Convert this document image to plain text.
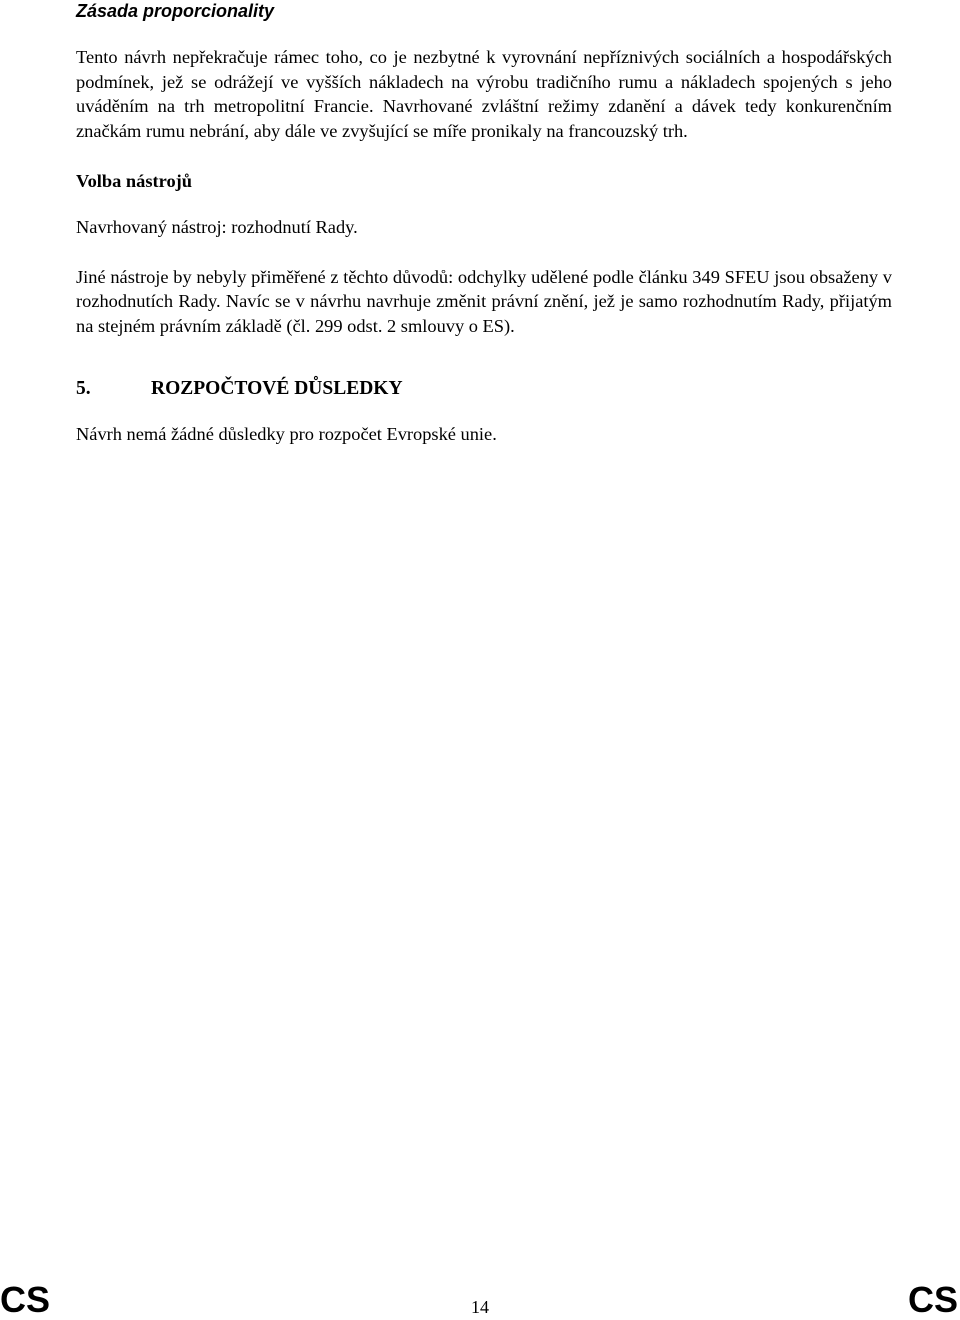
Zásada proporcionality

Tento návrh nepřekračuje rámec toho, co je nezbytné k vyrovnání nepříznivých sociálních a hospodářských podmínek, jež se odrážejí ve vyšších nákladech na výrobu tradičního rumu a nákladech spojených s jeho uváděním na trh metropolitní Francie. Navrhované zvláštní režimy zdanění a dávek tedy konkurenčním značkám rumu nebrání, aby dále ve zvyšující se míře pronikaly na francouzský trh.

Volba nástrojů

Navrhovaný nástroj: rozhodnutí Rady.

Jiné nástroje by nebyly přiměřené z těchto důvodů: odchylky udělené podle článku 349 SFEU jsou obsaženy v rozhodnutích Rady. Navíc se v návrhu navrhuje změnit právní znění, jež je samo rozhodnutím Rady, přijatým na stejném právním základě (čl. 299 odst. 2 smlouvy o ES).

5.	ROZPOČTOVÉ DŮSLEDKY

Návrh nemá žádné důsledky pro rozpočet Evropské unie.

CS	14	CS
